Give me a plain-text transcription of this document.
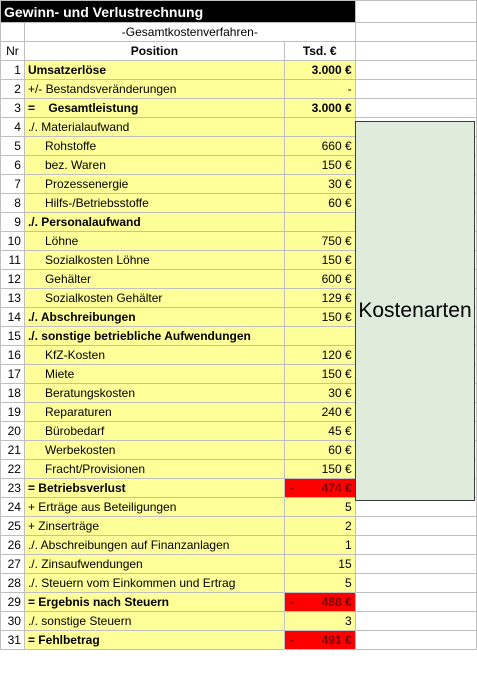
Gewinn- und Verlustrechnung			
	-Gesamtkostenverfahren-		
Nr	Position	Tsd. €	
1	Umsatzerlöse	3.000 €	
2	+/- Bestandsveränderungen	-	
3	=    Gesamtleistung	3.000 €	
4	./. Materialaufwand		
5	Rohstoffe	660 €	
6	bez. Waren	150 €	
7	Prozessenergie	30 €	
8	Hilfs-/Betriebsstoffe	60 €	
9	./. Personalaufwand		
10	Löhne	750 €	
11	Sozialkosten Löhne	150 €	
12	Gehälter	600 €	
13	Sozialkosten Gehälter	129 €	
14	./. Abschreibungen	150 €	
15	./. sonstige betriebliche Aufwendungen		
16	KfZ-Kosten	120 €	
17	Miete	150 €	
18	Beratungskosten	30 €	
19	Reparaturen	240 €	
20	Bürobedarf	45 €	
21	Werbekosten	60 €	
22	Fracht/Provisionen	150 €	
23	= Betriebsverlust	- 474 €	
24	+ Erträge aus Beteiligungen	5	
25	+ Zinserträge	2	
26	./. Abschreibungen auf Finanzanlagen	1	
27	./. Zinsaufwendungen	15	
28	./. Steuern vom Einkommen und Ertrag	5	
29	= Ergebnis nach Steuern	- 488 €	
30	./. sonstige Steuern	3	
31	= Fehlbetrag	- 491 €	
Kostenarten
